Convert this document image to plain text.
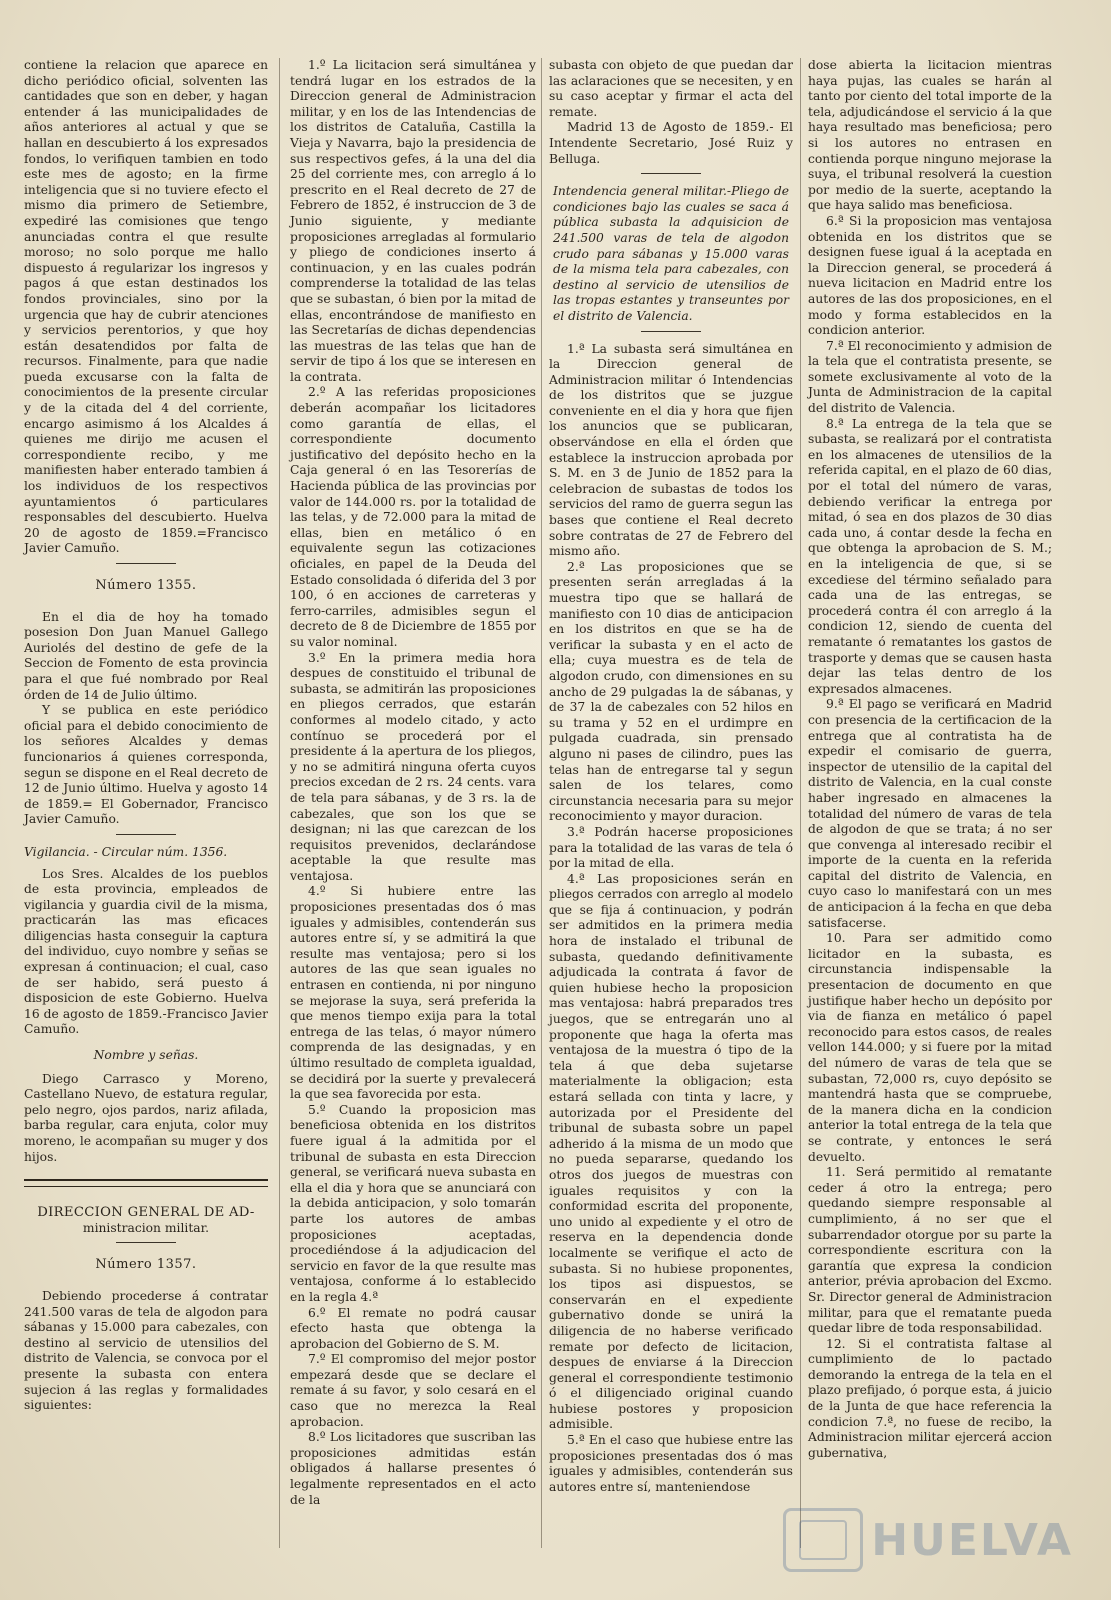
contiene la relacion que aparece en dicho periódico oficial, solventen las cantidades que son en deber, y hagan entender á las municipalidades de años anteriores al actual y que se hallan en descubierto á los expresados fondos, lo verifiquen tambien en todo este mes de agosto; en la firme inteligencia que si no tuviere efecto el mismo dia primero de Setiembre, expediré las comisiones que tengo anunciadas contra el que resulte moroso; no solo porque me hallo dispuesto á regularizar los ingresos y pagos á que estan destinados los fondos provinciales, sino por la urgencia que hay de cubrir atenciones y servicios perentorios, y que hoy están desatendidos por falta de recursos. Finalmente, para que nadie pueda excusarse con la falta de conocimientos de la presente circular y de la citada del 4 del corriente, encargo asimismo á los Alcaldes á quienes me dirijo me acusen el correspondiente recibo, y me manifiesten haber enterado tambien á los individuos de los respectivos ayuntamientos ó particulares responsables del descubierto. Huelva 20 de agosto de 1859.=Francisco Javier Camuño.

Número 1355.

En el dia de hoy ha tomado posesion Don Juan Manuel Gallego Auriolés del destino de gefe de la Seccion de Fomento de esta provincia para el que fué nombrado por Real órden de 14 de Julio último.

Y se publica en este periódico oficial para el debido conocimiento de los señores Alcaldes y demas funcionarios á quienes corresponda, segun se dispone en el Real decreto de 12 de Junio último. Huelva y agosto 14 de 1859.= El Gobernador, Francisco Javier Camuño.

Vigilancia. - Circular núm. 1356.

Los Sres. Alcaldes de los pueblos de esta provincia, empleados de vigilancia y guardia civil de la misma, practicarán las mas eficaces diligencias hasta conseguir la captura del individuo, cuyo nombre y señas se expresan á continuacion; el cual, caso de ser habido, será puesto á disposicion de este Gobierno. Huelva 16 de agosto de 1859.-Francisco Javier Camuño.

Nombre y señas.

Diego Carrasco y Moreno, Castellano Nuevo, de estatura regular, pelo negro, ojos pardos, nariz afilada, barba regular, cara enjuta, color muy moreno, le acompañan su muger y dos hijos.

DIRECCION GENERAL DE AD-

ministracion militar.

Número 1357.

Debiendo procederse á contratar 241.500 varas de tela de algodon para sábanas y 15.000 para cabezales, con destino al servicio de utensilios del distrito de Valencia, se convoca por el presente la subasta con entera sujecion á las reglas y formalidades siguientes:

1.º La licitacion será simultánea y tendrá lugar en los estrados de la Direccion general de Administracion militar, y en los de las Intendencias de los distritos de Cataluña, Castilla la Vieja y Navarra, bajo la presidencia de sus respectivos gefes, á la una del dia 25 del corriente mes, con arreglo á lo prescrito en el Real decreto de 27 de Febrero de 1852, é instruccion de 3 de Junio siguiente, y mediante proposiciones arregladas al formulario y pliego de condiciones inserto á continuacion, y en las cuales podrán comprenderse la totalidad de las telas que se subastan, ó bien por la mitad de ellas, encontrándose de manifiesto en las Secretarías de dichas dependencias las muestras de las telas que han de servir de tipo á los que se interesen en la contrata.

2.º A las referidas proposiciones deberán acompañar los licitadores como garantía de ellas, el correspondiente documento justificativo del depósito hecho en la Caja general ó en las Tesorerías de Hacienda pública de las provincias por valor de 144.000 rs. por la totalidad de las telas, y de 72.000 para la mitad de ellas, bien en metálico ó en equivalente segun las cotizaciones oficiales, en papel de la Deuda del Estado consolidada ó diferida del 3 por 100, ó en acciones de carreteras y ferro-carriles, admisibles segun el decreto de 8 de Diciembre de 1855 por su valor nominal.

3.º En la primera media hora despues de constituido el tribunal de subasta, se admitirán las proposiciones en pliegos cerrados, que estarán conformes al modelo citado, y acto contínuo se procederá por el presidente á la apertura de los pliegos, y no se admitirá ninguna oferta cuyos precios excedan de 2 rs. 24 cents. vara de tela para sábanas, y de 3 rs. la de cabezales, que son los que se designan; ni las que carezcan de los requisitos prevenidos, declarándose aceptable la que resulte mas ventajosa.

4.º Si hubiere entre las proposiciones presentadas dos ó mas iguales y admisibles, contenderán sus autores entre sí, y se admitirá la que resulte mas ventajosa; pero si los autores de las que sean iguales no entrasen en contienda, ni por ninguno se mejorase la suya, será preferida la que menos tiempo exija para la total entrega de las telas, ó mayor número comprenda de las designadas, y en último resultado de completa igualdad, se decidirá por la suerte y prevalecerá la que sea favorecida por esta.

5.º Cuando la proposicion mas beneficiosa obtenida en los distritos fuere igual á la admitida por el tribunal de subasta en esta Direccion general, se verificará nueva subasta en ella el dia y hora que se anunciará con la debida anticipacion, y solo tomarán parte los autores de ambas proposiciones aceptadas, procediéndose á la adjudicacion del servicio en favor de la que resulte mas ventajosa, conforme á lo establecido en la regla 4.ª

6.º El remate no podrá causar efecto hasta que obtenga la aprobacion del Gobierno de S. M.

7.º El compromiso del mejor postor empezará desde que se declare el remate á su favor, y solo cesará en el caso que no merezca la Real aprobacion.

8.º Los licitadores que suscriban las proposiciones admitidas están obligados á hallarse presentes ó legalmente representados en el acto de la

subasta con objeto de que puedan dar las aclaraciones que se necesiten, y en su caso aceptar y firmar el acta del remate.

Madrid 13 de Agosto de 1859.- El Intendente Secretario, José Ruiz y Belluga.

Intendencia general militar.-Pliego de condiciones bajo las cuales se saca á pública subasta la adquisicion de 241.500 varas de tela de algodon crudo para sábanas y 15.000 varas de la misma tela para cabezales, con destino al servicio de utensilios de las tropas estantes y transeuntes por el distrito de Valencia.

1.ª La subasta será simultánea en la Direccion general de Administracion militar ó Intendencias de los distritos que se juzgue conveniente en el dia y hora que fijen los anuncios que se publicaran, observándose en ella el órden que establece la instruccion aprobada por S. M. en 3 de Junio de 1852 para la celebracion de subastas de todos los servicios del ramo de guerra segun las bases que contiene el Real decreto sobre contratas de 27 de Febrero del mismo año.

2.ª Las proposiciones que se presenten serán arregladas á la muestra tipo que se hallará de manifiesto con 10 dias de anticipacion en los distritos en que se ha de verificar la subasta y en el acto de ella; cuya muestra es de tela de algodon crudo, con dimensiones en su ancho de 29 pulgadas la de sábanas, y de 37 la de cabezales con 52 hilos en su trama y 52 en el urdimpre en pulgada cuadrada, sin prensado alguno ni pases de cilindro, pues las telas han de entregarse tal y segun salen de los telares, como circunstancia necesaria para su mejor reconocimiento y mayor duracion.

3.ª Podrán hacerse proposiciones para la totalidad de las varas de tela ó por la mitad de ella.

4.ª Las proposiciones serán en pliegos cerrados con arreglo al modelo que se fija á continuacion, y podrán ser admitidos en la primera media hora de instalado el tribunal de subasta, quedando definitivamente adjudicada la contrata á favor de quien hubiese hecho la proposicion mas ventajosa: habrá preparados tres juegos, que se entregarán uno al proponente que haga la oferta mas ventajosa de la muestra ó tipo de la tela á que deba sujetarse materialmente la obligacion; esta estará sellada con tinta y lacre, y autorizada por el Presidente del tribunal de subasta sobre un papel adherido á la misma de un modo que no pueda separarse, quedando los otros dos juegos de muestras con iguales requisitos y con la conformidad escrita del proponente, uno unido al expediente y el otro de reserva en la dependencia donde localmente se verifique el acto de subasta. Si no hubiese proponentes, los tipos asi dispuestos, se conservarán en el expediente gubernativo donde se unirá la diligencia de no haberse verificado remate por defecto de licitacion, despues de enviarse á la Direccion general el correspondiente testimonio ó el diligenciado original cuando hubiese postores y proposicion admisible.

5.ª En el caso que hubiese entre las proposiciones presentadas dos ó mas iguales y admisibles, contenderán sus autores entre sí, manteniendose

dose abierta la licitacion mientras haya pujas, las cuales se harán al tanto por ciento del total importe de la tela, adjudicándose el servicio á la que haya resultado mas beneficiosa; pero si los autores no entrasen en contienda porque ninguno mejorase la suya, el tribunal resolverá la cuestion por medio de la suerte, aceptando la que haya salido mas beneficiosa.

6.ª Si la proposicion mas ventajosa obtenida en los distritos que se designen fuese igual á la aceptada en la Direccion general, se procederá á nueva licitacion en Madrid entre los autores de las dos proposiciones, en el modo y forma establecidos en la condicion anterior.

7.ª El reconocimiento y admision de la tela que el contratista presente, se somete exclusivamente al voto de la Junta de Administracion de la capital del distrito de Valencia.

8.ª La entrega de la tela que se subasta, se realizará por el contratista en los almacenes de utensilios de la referida capital, en el plazo de 60 dias, por el total del número de varas, debiendo verificar la entrega por mitad, ó sea en dos plazos de 30 dias cada uno, á contar desde la fecha en que obtenga la aprobacion de S. M.; en la inteligencia de que, si se excediese del término señalado para cada una de las entregas, se procederá contra él con arreglo á la condicion 12, siendo de cuenta del rematante ó rematantes los gastos de trasporte y demas que se causen hasta dejar las telas dentro de los expresados almacenes.

9.ª El pago se verificará en Madrid con presencia de la certificacion de la entrega que al contratista ha de expedir el comisario de guerra, inspector de utensilio de la capital del distrito de Valencia, en la cual conste haber ingresado en almacenes la totalidad del número de varas de tela de algodon de que se trata; á no ser que convenga al interesado recibir el importe de la cuenta en la referida capital del distrito de Valencia, en cuyo caso lo manifestará con un mes de anticipacion á la fecha en que deba satisfacerse.

10. Para ser admitido como licitador en la subasta, es circunstancia indispensable la presentacion de documento en que justifique haber hecho un depósito por via de fianza en metálico ó papel reconocido para estos casos, de reales vellon 144.000; y si fuere por la mitad del número de varas de tela que se subastan, 72,000 rs, cuyo depósito se mantendrá hasta que se compruebe, de la manera dicha en la condicion anterior la total entrega de la tela que se contrate, y entonces le será devuelto.

11. Será permitido al rematante ceder á otro la entrega; pero quedando siempre responsable al cumplimiento, á no ser que el subarrendador otorgue por su parte la correspondiente escritura con la garantía que expresa la condicion anterior, prévia aprobacion del Excmo. Sr. Director general de Administracion militar, para que el rematante pueda quedar libre de toda responsabilidad.

12. Si el contratista faltase al cumplimiento de lo pactado demorando la entrega de la tela en el plazo prefijado, ó porque esta, á juicio de la Junta de que hace referencia la condicion 7.ª, no fuese de recibo, la Administracion militar ejercerá accion gubernativa,

HUELVA
